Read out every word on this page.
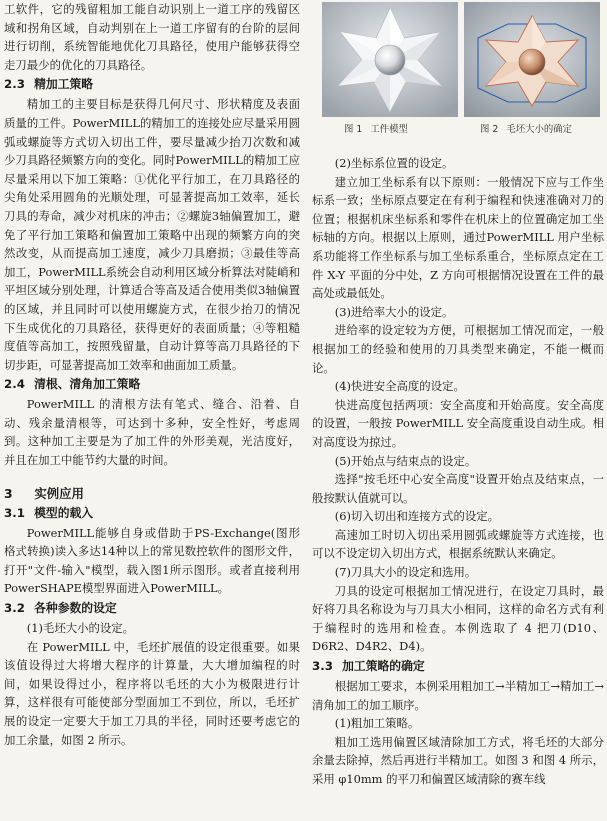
工软件，它的残留粗加工能自动识别上一道工序的残留区域和拐角区域，自动判别在上一道工序留有的台阶的层间进行切削，系统智能地优化刀具路径，使用户能够获得空走刀最少的优化的刀具路径。

2.3 精加工策略

精加工的主要目标是获得几何尺寸、形状精度及表面质量的工件。PowerMILL的精加工的连接处应尽量采用圆弧或螺旋等方式切入切出工件，要尽量减少抬刀次数和减少刀具路径频繁方向的变化。同时PowerMILL的精加工应尽量采用以下加工策略：①优化平行加工，在刀具路径的尖角处采用圆角的光顺处理，可显著提高加工效率，延长刀具的寿命，减少对机床的冲击；②螺旋3轴偏置加工，避免了平行加工策略和偏置加工策略中出现的频繁方向的突然改变，从而提高加工速度，减少刀具磨损；③最佳等高加工，PowerMILL系统会自动利用区域分析算法对陡峭和平坦区域分别处理，计算适合等高及适合使用类似3轴偏置的区域，并且同时可以使用螺旋方式，在很少抬刀的情况下生成优化的刀具路径，获得更好的表面质量；④等粗糙度值等高加工，按照残留量，自动计算等高刀具路径的下切步距，可显著提高加工效率和曲面加工质量。

2.4 清根、清角加工策略

PowerMILL 的清根方法有笔式、缝合、沿着、自动、残余量清根等，可达到十多种，安全性好，考虑周到。这种加工主要是为了加工件的外形美观，光洁度好，并且在加工中能节约大量的时间。

3 实例应用
3.1 模型的载入

PowerMILL能够自身或借助于PS-Exchange(图形格式转换)读入多达14种以上的常见数控软件的图形文件，打开"文件-输入"模型，载入图1所示图形。或者直接利用PowerSHAPE模型界面进入PowerMILL。

3.2 各种参数的设定

(1)毛坯大小的设定。

在 PowerMILL 中，毛坯扩展值的设定很重要。如果该值设得过大将增大程序的计算量，大大增加编程的时间，如果设得过小，程序将以毛坯的大小为极限进行计算，这样很有可能使部分型面加工不到位，所以，毛坯扩展的设定一定要大于加工刀具的半径，同时还要考虑它的加工余量，如图 2 所示。

图 1 工件模型	图 2 毛坯大小的确定

(2)坐标系位置的设定。

建立加工坐标系有以下原则：一般情况下应与工作坐标系一致；坐标原点要定在有利于编程和快速准确对刀的位置；根据机床坐标系和零件在机床上的位置确定加工坐标轴的方向。根据以上原则，通过PowerMILL 用户坐标系功能将工作坐标系与加工坐标系重合，坐标原点定在工件 X-Y 平面的分中处，Z 方向可根据情况设置在工件的最高处或最低处。

(3)进给率大小的设定。

进给率的设定较为方便，可根据加工情况而定，一般根据加工的经验和使用的刀具类型来确定，不能一概而论。

(4)快进安全高度的设定。

快进高度包括两项：安全高度和开始高度。安全高度的设置，一般按 PowerMILL 安全高度重设自动生成。相对高度设为掠过。

(5)开始点与结束点的设定。

选择"按毛坯中心安全高度"设置开始点及结束点，一般按默认值就可以。

(6)切入切出和连接方式的设定。

高速加工时切入切出采用圆弧或螺旋等方式连接，也可以不设定切入切出方式，根据系统默认来确定。

(7)刀具大小的设定和选用。

刀具的设定可根据加工情况进行，在设定刀具时，最好将刀具名称设为与刀具大小相同，这样的命名方式有利于编程时的选用和检查。本例选取了 4 把刀(D10、D6R2、D4R2、D4)。

3.3 加工策略的确定

根据加工要求，本例采用粗加工→半精加工→精加工→清角加工的加工顺序。

(1)粗加工策略。

粗加工选用偏置区域清除加工方式，将毛坯的大部分余量去除掉，然后再进行半精加工。如图 3 和图 4 所示，采用 φ10mm 的平刀和偏置区域清除的赛车线
